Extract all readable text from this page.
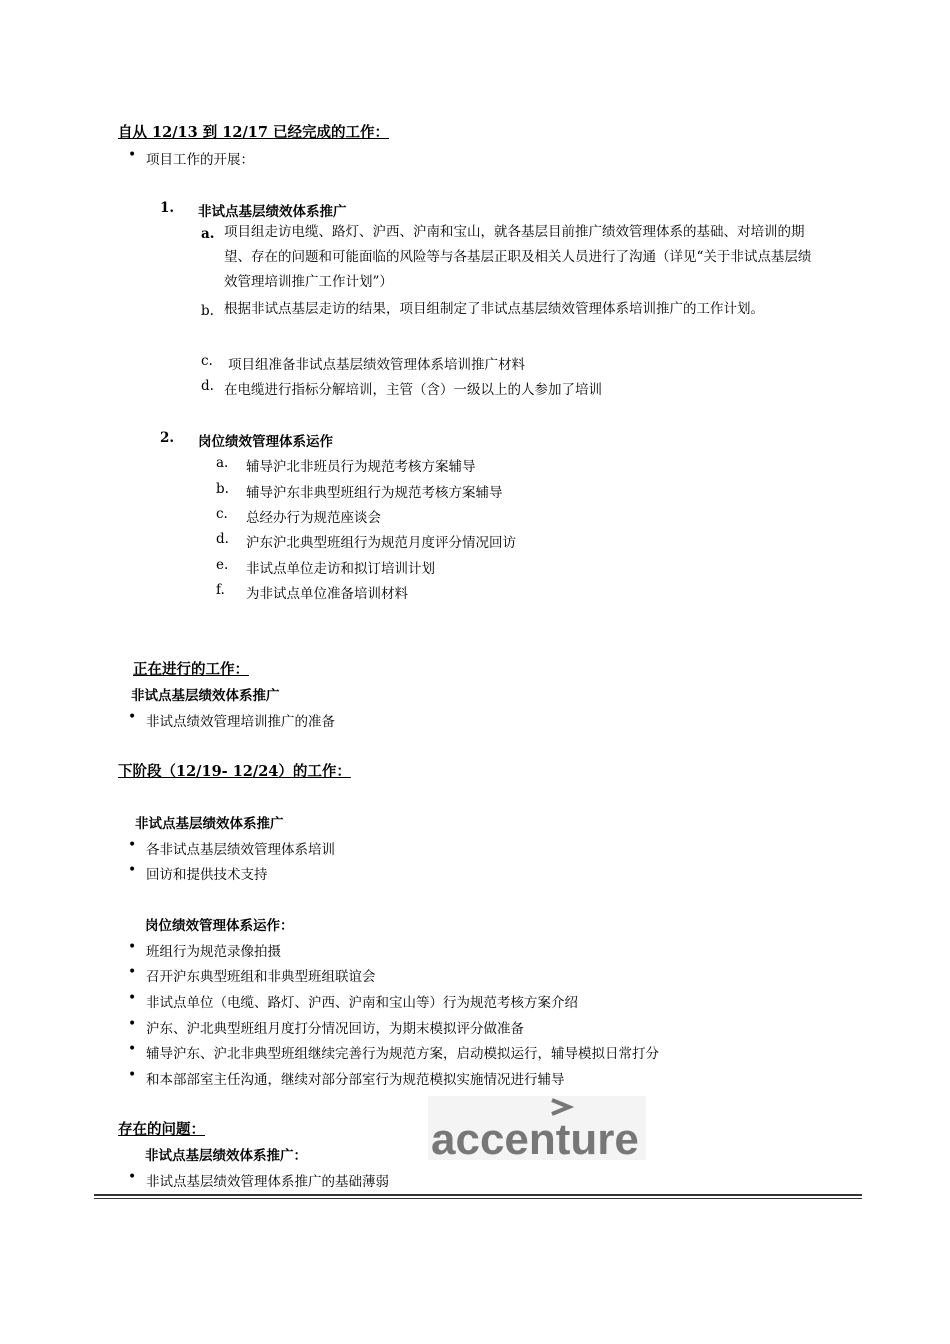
自从 12/13 到 12/17 已经完成的工作：
• 项目工作的开展：
1. 非试点基层绩效体系推广
a. 项目组走访电缆、路灯、沪西、沪南和宝山，就各基层目前推广绩效管理体系的基础、对培训的期望、存在的问题和可能面临的风险等与各基层正职及相关人员进行了沟通（详见“关于非试点基层绩效管理培训推广工作计划”）
b. 根据非试点基层走访的结果，项目组制定了非试点基层绩效管理体系培训推广的工作计划。
c. 项目组准备非试点基层绩效管理体系培训推广材料
d. 在电缆进行指标分解培训，主管（含）一级以上的人参加了培训
2. 岗位绩效管理体系运作
a. 辅导沪北非班员行为规范考核方案辅导
b. 辅导沪东非典型班组行为规范考核方案辅导
c. 总经办行为规范座谈会
d. 沪东沪北典型班组行为规范月度评分情况回访
e. 非试点单位走访和拟订培训计划
f. 为非试点单位准备培训材料
正在进行的工作：
非试点基层绩效体系推广
• 非试点绩效管理培训推广的准备
下阶段（12/19- 12/24）的工作：
非试点基层绩效体系推广
• 各非试点基层绩效管理体系培训
• 回访和提供技术支持
岗位绩效管理体系运作：
• 班组行为规范录像拍摄
• 召开沪东典型班组和非典型班组联谊会
• 非试点单位（电缆、路灯、沪西、沪南和宝山等）行为规范考核方案介绍
• 沪东、沪北典型班组月度打分情况回访，为期末模拟评分做准备
• 辅导沪东、沪北非典型班组继续完善行为规范方案，启动模拟运行，辅导模拟日常打分
• 和本部部室主任沟通，继续对部分部室行为规范模拟实施情况进行辅导
存在的问题：
非试点基层绩效体系推广：
• 非试点基层绩效管理体系推广的基础薄弱
accenture
